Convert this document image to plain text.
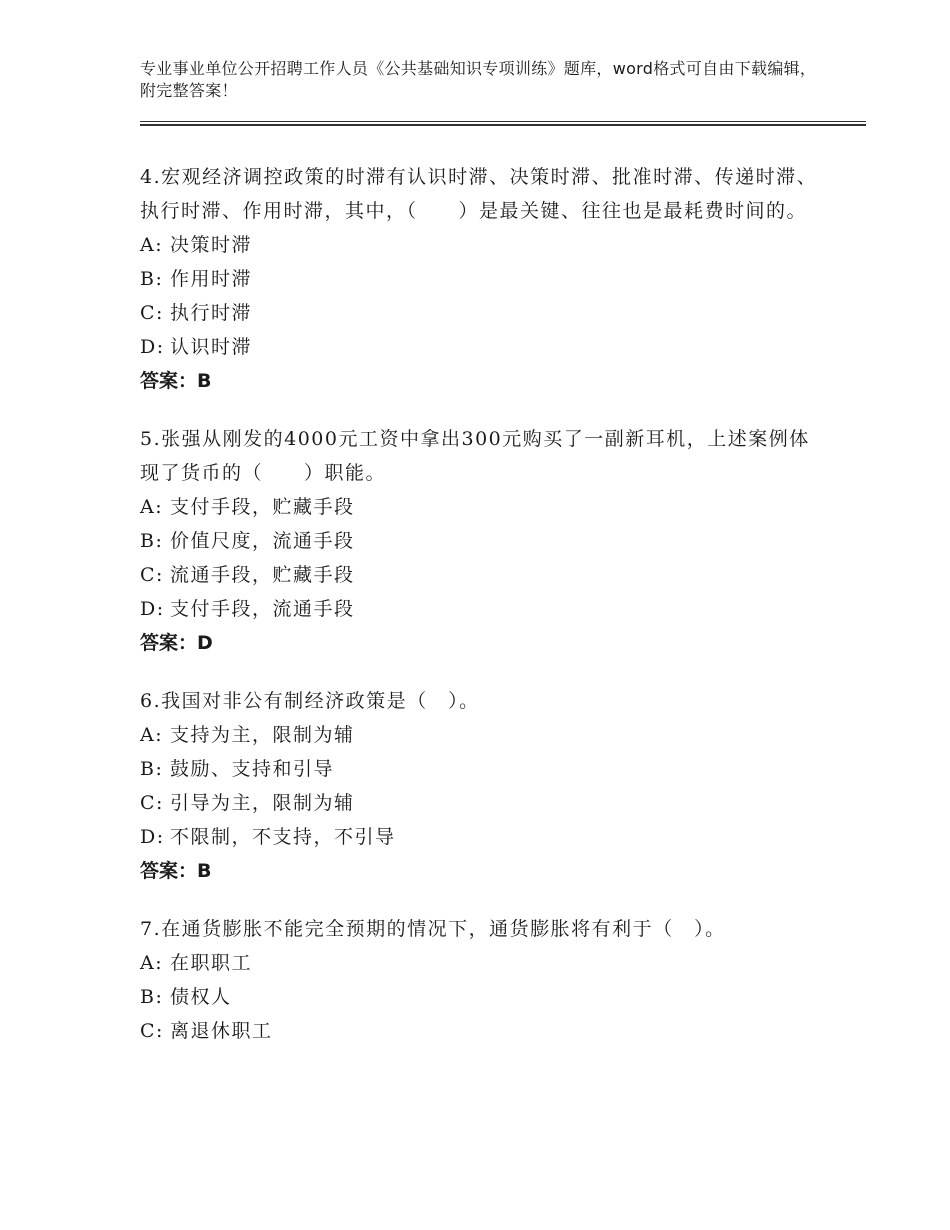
专业事业单位公开招聘工作人员《公共基础知识专项训练》题库，word格式可自由下载编辑，附完整答案！

4.宏观经济调控政策的时滞有认识时滞、决策时滞、批准时滞、传递时滞、执行时滞、作用时滞，其中，（　　）是最关键、往往也是最耗费时间的。

A: 决策时滞

B: 作用时滞

C: 执行时滞

D: 认识时滞

答案：B

5.张强从刚发的4000元工资中拿出300元购买了一副新耳机，上述案例体现了货币的（　　）职能。

A: 支付手段，贮藏手段

B: 价值尺度，流通手段

C: 流通手段，贮藏手段

D: 支付手段，流通手段

答案：D

6.我国对非公有制经济政策是（　）。

A: 支持为主，限制为辅

B: 鼓励、支持和引导

C: 引导为主，限制为辅

D: 不限制，不支持，不引导

答案：B

7.在通货膨胀不能完全预期的情况下，通货膨胀将有利于（　）。

A: 在职职工

B: 债权人

C: 离退休职工
